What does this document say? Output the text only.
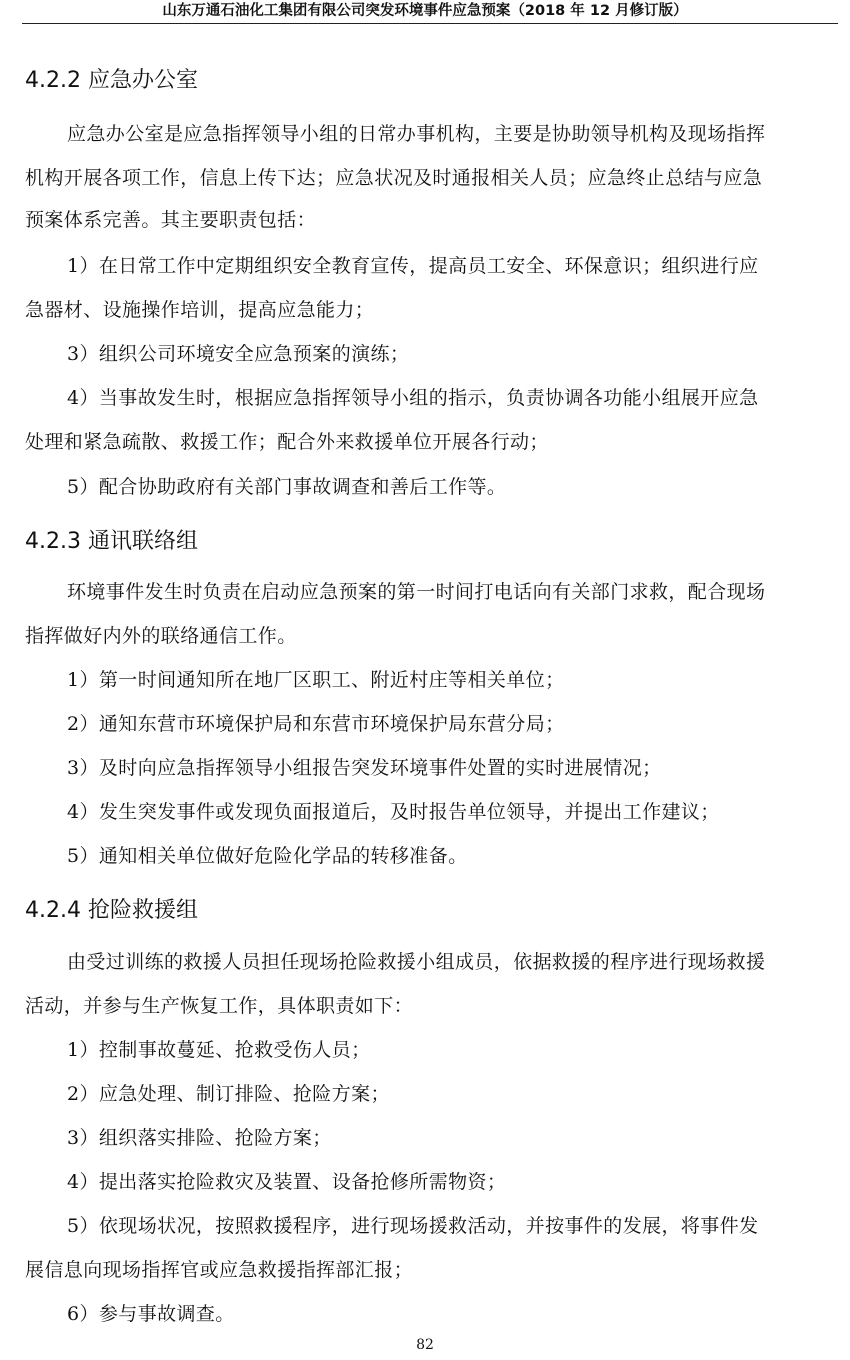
山东万通石油化工集团有限公司突发环境事件应急预案（2018 年 12 月修订版）
4.2.2 应急办公室
应急办公室是应急指挥领导小组的日常办事机构，主要是协助领导机构及现场指挥
机构开展各项工作，信息上传下达；应急状况及时通报相关人员；应急终止总结与应急
预案体系完善。其主要职责包括：
1）在日常工作中定期组织安全教育宣传，提高员工安全、环保意识；组织进行应
急器材、设施操作培训，提高应急能力；
3）组织公司环境安全应急预案的演练；
4）当事故发生时，根据应急指挥领导小组的指示，负责协调各功能小组展开应急
处理和紧急疏散、救援工作；配合外来救援单位开展各行动；
5）配合协助政府有关部门事故调查和善后工作等。
4.2.3 通讯联络组
环境事件发生时负责在启动应急预案的第一时间打电话向有关部门求救，配合现场
指挥做好内外的联络通信工作。
1）第一时间通知所在地厂区职工、附近村庄等相关单位；
2）通知东营市环境保护局和东营市环境保护局东营分局；
3）及时向应急指挥领导小组报告突发环境事件处置的实时进展情况；
4）发生突发事件或发现负面报道后，及时报告单位领导，并提出工作建议；
5）通知相关单位做好危险化学品的转移准备。
4.2.4 抢险救援组
由受过训练的救援人员担任现场抢险救援小组成员，依据救援的程序进行现场救援
活动，并参与生产恢复工作，具体职责如下：
1）控制事故蔓延、抢救受伤人员；
2）应急处理、制订排险、抢险方案；
3）组织落实排险、抢险方案；
4）提出落实抢险救灾及装置、设备抢修所需物资；
5）依现场状况，按照救援程序，进行现场援救活动，并按事件的发展，将事件发
展信息向现场指挥官或应急救援指挥部汇报；
6）参与事故调查。
82
